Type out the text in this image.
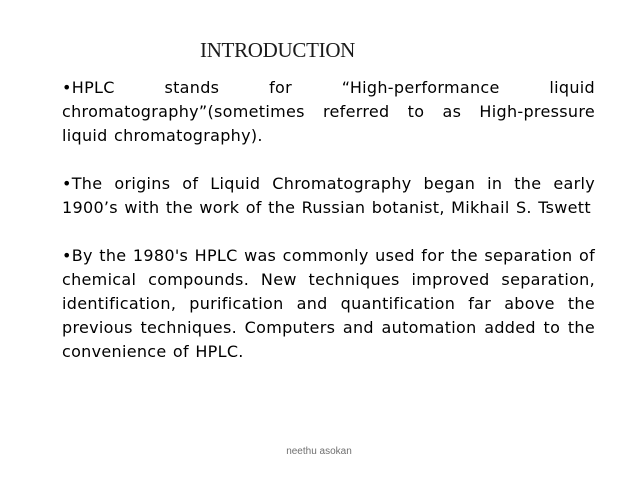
INTRODUCTION

•HPLC stands for “High-performance liquid chromatography”(sometimes referred to as High-pressure liquid chromatography).

•The origins of Liquid Chromatography began in the early 1900’s with the work of the Russian botanist, Mikhail S. Tswett

•By the 1980's HPLC was commonly used for the separation of chemical compounds. New techniques improved separation, identification, purification and quantification far above the previous techniques. Computers and automation added to the convenience of HPLC.

neethu asokan
